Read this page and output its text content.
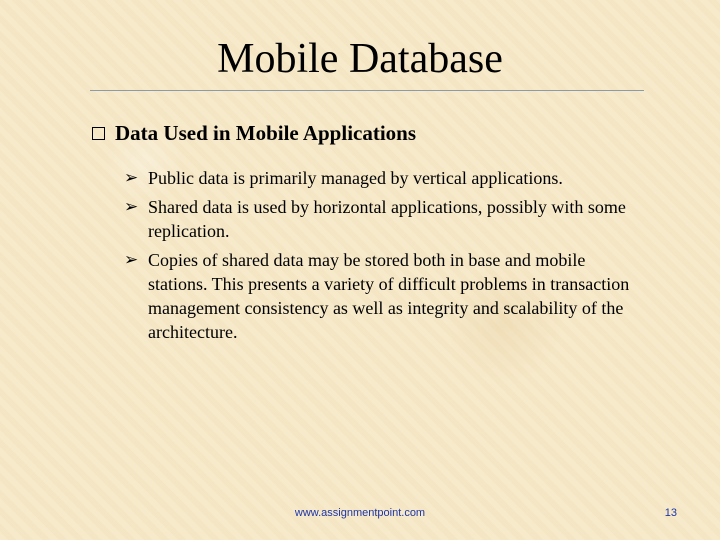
Mobile Database
Data Used in Mobile Applications
➢ Public data is primarily managed by vertical applications.
➢ Shared data is used by horizontal applications, possibly with some replication.
➢ Copies of shared data may be stored both in base and mobile stations. This presents a variety of difficult problems in transaction management consistency as well as integrity and scalability of the architecture.
www.assignmentpoint.com	13
